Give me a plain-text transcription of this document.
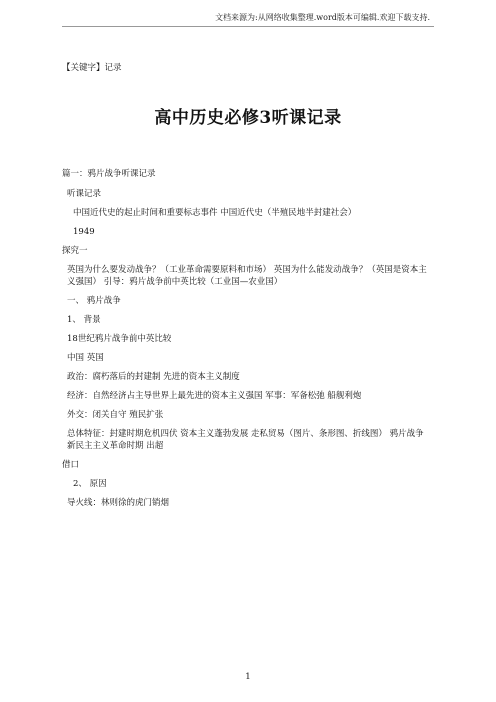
文档来源为:从网络收集整理.word版本可编辑.欢迎下载支持.
【关键字】记录
高中历史必修3听课记录

篇一：鸦片战争听课记录

听课记录

中国近代史的起止时间和重要标志事件 中国近代史（半殖民地半封建社会）

1949

探究一

英国为什么要发动战争？（工业革命需要原料和市场） 英国为什么能发动战争？（英国是资本主义强国） 引导：鸦片战争前中英比较（工业国—农业国）

一、 鸦片战争

1、 背景

18世纪鸦片战争前中英比较

中国 英国

政治：腐朽落后的封建制 先进的资本主义制度

经济：自然经济占主导世界上最先进的资本主义强国 军事：军备松弛 船舰利炮

外交：闭关自守 殖民扩张

总体特征：封建时期危机四伏 资本主义蓬勃发展 走私贸易（图片、条形图、折线图） 鸦片战争 新民主主义革命时期 出超

借口

2、 原因

导火线：林则徐的虎门销烟

1
